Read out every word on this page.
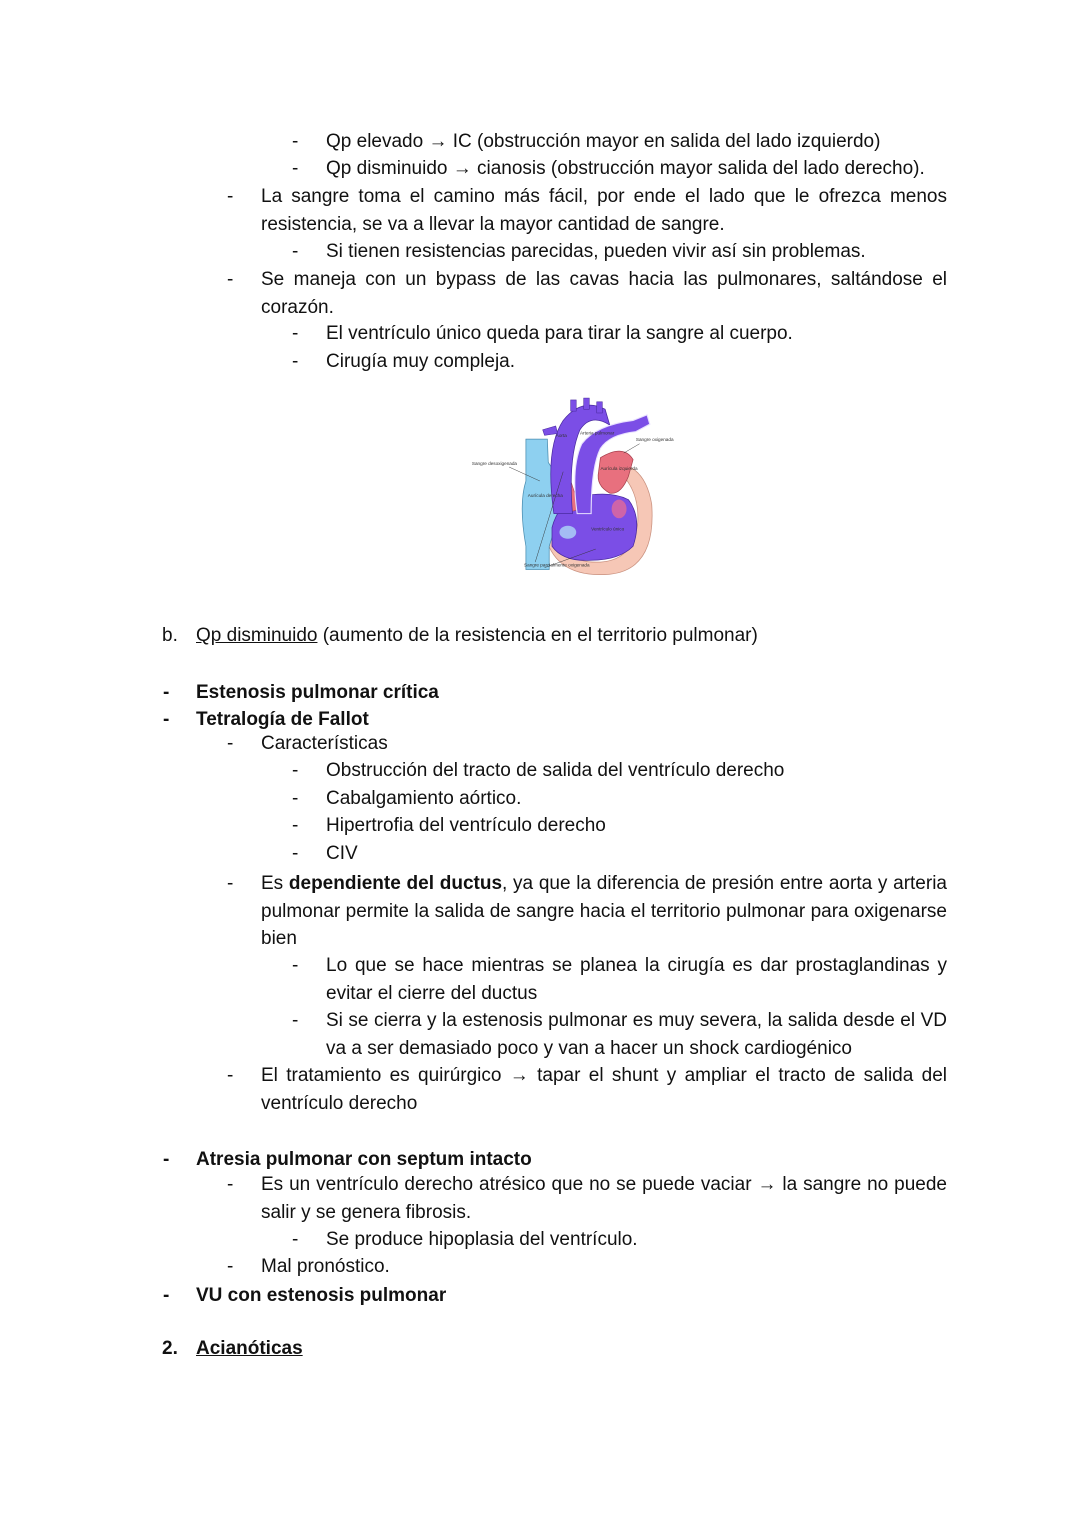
- Qp elevado → IC (obstrucción mayor en salida del lado izquierdo)
- Qp disminuido → cianosis (obstrucción mayor salida del lado derecho).
- La sangre toma el camino más fácil, por ende el lado que le ofrezca menos resistencia, se va a llevar la mayor cantidad de sangre.
- Si tienen resistencias parecidas, pueden vivir así sin problemas.
- Se maneja con un bypass de las cavas hacia las pulmonares, saltándose el corazón.
- El ventrículo único queda para tirar la sangre al cuerpo.
- Cirugía muy compleja.
Aorta
Arteria pulmonar
Sangre oxigenada
Sangre desoxigenada
Aurícula izquierda
Aurícula derecha
Ventrículo único
Sangre parcialmente oxigenada
b. Qp disminuido (aumento de la resistencia en el territorio pulmonar)
- Estenosis pulmonar crítica
- Tetralogía de Fallot
- Características
- Obstrucción del tracto de salida del ventrículo derecho
- Cabalgamiento aórtico.
- Hipertrofia del ventrículo derecho
- CIV
- Es dependiente del ductus, ya que la diferencia de presión entre aorta y arteria pulmonar permite la salida de sangre hacia el territorio pulmonar para oxigenarse bien
- Lo que se hace mientras se planea la cirugía es dar prostaglandinas y evitar el cierre del ductus
- Si se cierra y la estenosis pulmonar es muy severa, la salida desde el VD va a ser demasiado poco y van a hacer un shock cardiogénico
- El tratamiento es quirúrgico → tapar el shunt y ampliar el tracto de salida del ventrículo derecho
- Atresia pulmonar con septum intacto
- Es un ventrículo derecho atrésico que no se puede vaciar → la sangre no puede salir y se genera fibrosis.
- Se produce hipoplasia del ventrículo.
- Mal pronóstico.
- VU con estenosis pulmonar
2. Acianóticas
